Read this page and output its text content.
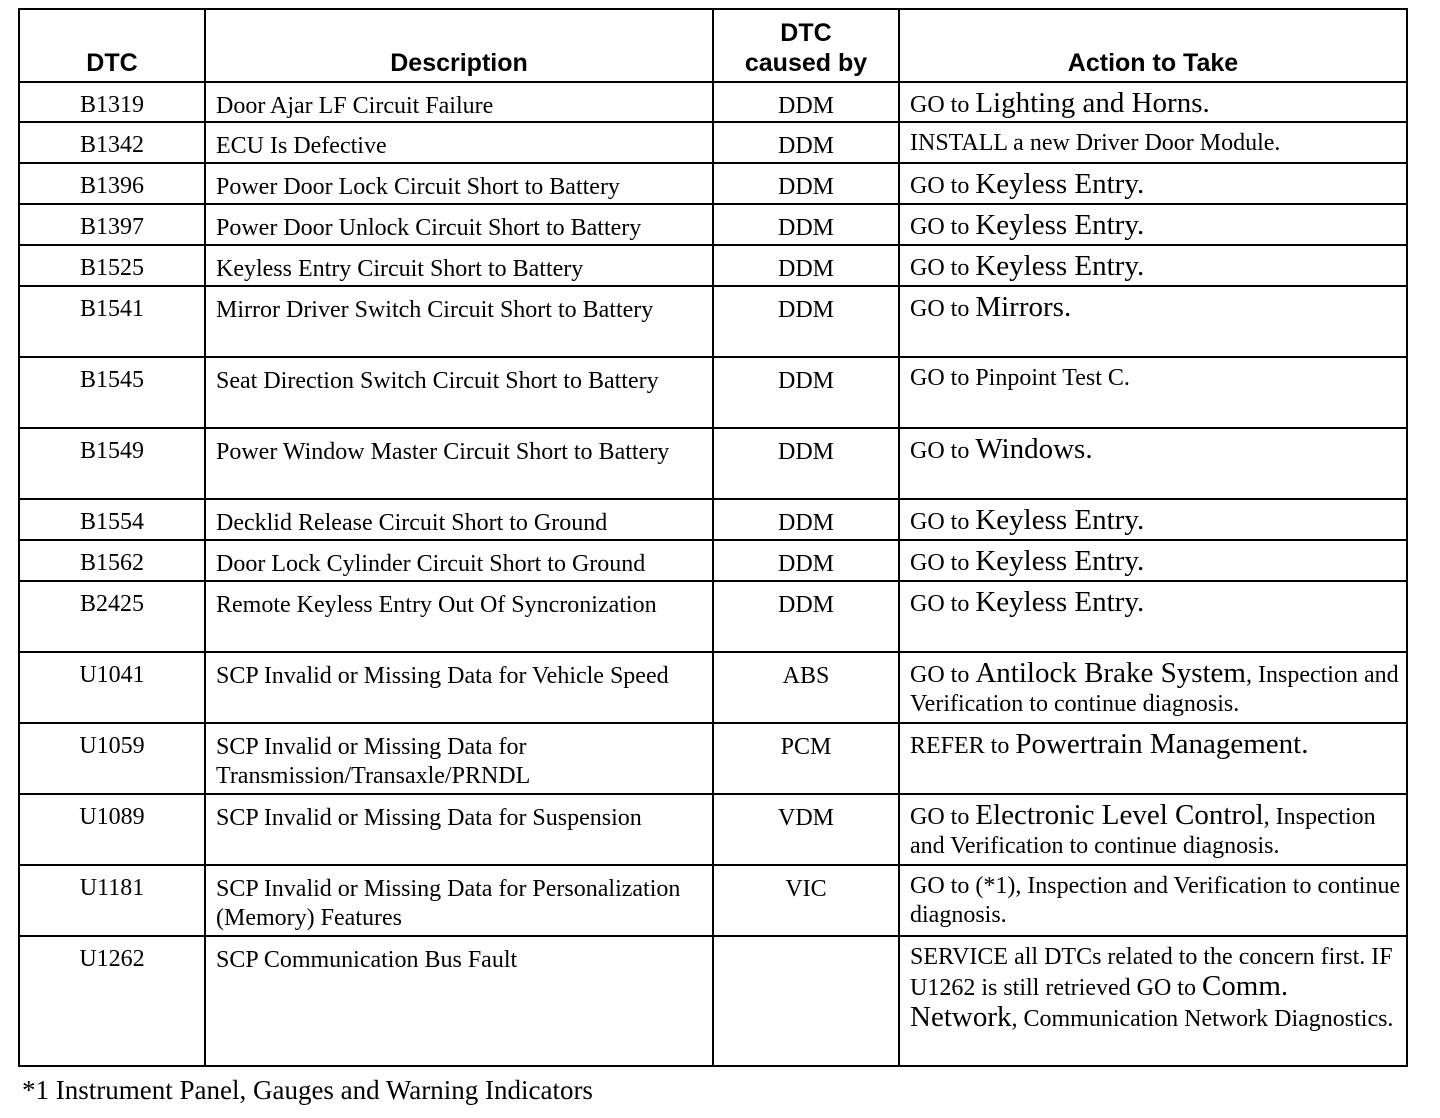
DTC	Description	DTC caused by	Action to Take
B1319	Door Ajar LF Circuit Failure	DDM	GO to Lighting and Horns.
B1342	ECU Is Defective	DDM	INSTALL a new Driver Door Module.
B1396	Power Door Lock Circuit Short to Battery	DDM	GO to Keyless Entry.
B1397	Power Door Unlock Circuit Short to Battery	DDM	GO to Keyless Entry.
B1525	Keyless Entry Circuit Short to Battery	DDM	GO to Keyless Entry.
B1541	Mirror Driver Switch Circuit Short to Battery	DDM	GO to Mirrors.
B1545	Seat Direction Switch Circuit Short to Battery	DDM	GO to Pinpoint Test C.
B1549	Power Window Master Circuit Short to Battery	DDM	GO to Windows.
B1554	Decklid Release Circuit Short to Ground	DDM	GO to Keyless Entry.
B1562	Door Lock Cylinder Circuit Short to Ground	DDM	GO to Keyless Entry.
B2425	Remote Keyless Entry Out Of Syncronization	DDM	GO to Keyless Entry.
U1041	SCP Invalid or Missing Data for Vehicle Speed	ABS	GO to Antilock Brake System, Inspection and Verification to continue diagnosis.
U1059	SCP Invalid or Missing Data for Transmission/Transaxle/PRNDL	PCM	REFER to Powertrain Management.
U1089	SCP Invalid or Missing Data for Suspension	VDM	GO to Electronic Level Control, Inspection and Verification to continue diagnosis.
U1181	SCP Invalid or Missing Data for Personalization (Memory) Features	VIC	GO to (*1), Inspection and Verification to continue diagnosis.
U1262	SCP Communication Bus Fault		SERVICE all DTCs related to the concern first. IF U1262 is still retrieved GO to Comm. Network, Communication Network Diagnostics.
*1 Instrument Panel, Gauges and Warning Indicators
